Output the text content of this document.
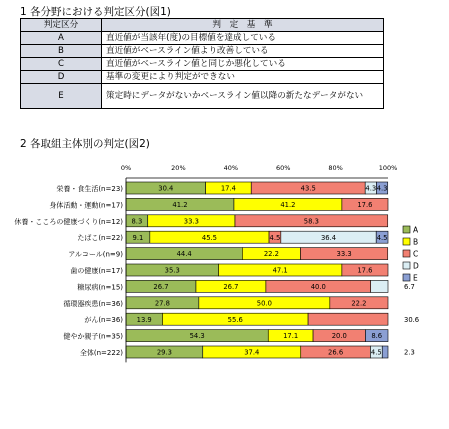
1 各分野における判定区分(図1)
判定区分	判　定　基　準
A	直近値が当該年(度)の目標値を達成している
B	直近値がベースライン値より改善している
C	直近値がベースライン値と同じか悪化している
D	基準の変更により判定ができない
E	策定時にデータがないかベースライン値以降の新たなデータがない
2 各取組主体別の判定(図2)
0%	20%	40%	60%	80%	100%
栄養・食生活(n=23)
身体活動・運動(n=17)
休養・こころの健康づくり(n=12)
たばこ(n=22)
アルコール(n=9)
歯の健康(n=17)
糖尿病(n=15)
循環器疾患(n=36)
がん(n=36)
健やか親子(n=35)
全体(n=222)
30.4	17.4	43.5	4.3 4.3
41.2	41.2	17.6
8.3	33.3	58.3
9.1	45.5	4.5	36.4	4.5
44.4	22.2	33.3
35.3	47.1	17.6
26.7	26.7	40.0	6.7
27.8	50.0	22.2
13.9	55.6	30.6
54.3	17.1	20.0	8.6
29.3	37.4	26.6	4.5	2.3
A
B
C
D
E
